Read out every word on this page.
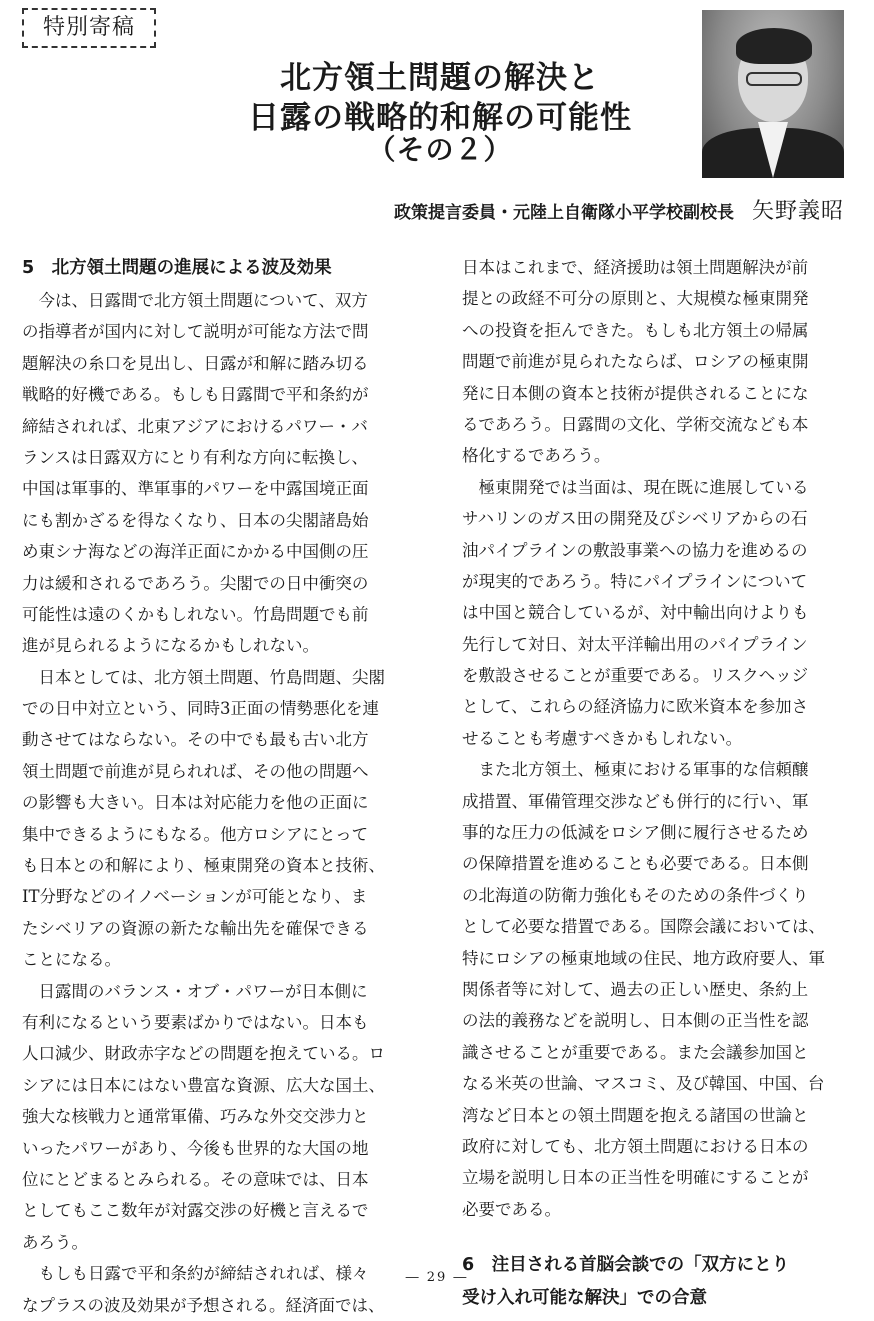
特別寄稿
北方領土問題の解決と
日露の戦略的和解の可能性
（その２）
政策提言委員・元陸上自衛隊小平学校副校長 矢野義昭
5　北方領土問題の進展による波及効果
　今は、日露間で北方領土問題について、双方
の指導者が国内に対して説明が可能な方法で問
題解決の糸口を見出し、日露が和解に踏み切る
戦略的好機である。もしも日露間で平和条約が
締結されれば、北東アジアにおけるパワー・バ
ランスは日露双方にとり有利な方向に転換し、
中国は軍事的、準軍事的パワーを中露国境正面
にも割かざるを得なくなり、日本の尖閣諸島始
め東シナ海などの海洋正面にかかる中国側の圧
力は緩和されるであろう。尖閣での日中衝突の
可能性は遠のくかもしれない。竹島問題でも前
進が見られるようになるかもしれない。
　日本としては、北方領土問題、竹島問題、尖閣
での日中対立という、同時3正面の情勢悪化を連
動させてはならない。その中でも最も古い北方
領土問題で前進が見られれば、その他の問題へ
の影響も大きい。日本は対応能力を他の正面に
集中できるようにもなる。他方ロシアにとって
も日本との和解により、極東開発の資本と技術、
IT分野などのイノベーションが可能となり、ま
たシベリアの資源の新たな輸出先を確保できる
ことになる。
　日露間のバランス・オブ・パワーが日本側に
有利になるという要素ばかりではない。日本も
人口減少、財政赤字などの問題を抱えている。ロ
シアには日本にはない豊富な資源、広大な国土、
強大な核戦力と通常軍備、巧みな外交交渉力と
いったパワーがあり、今後も世界的な大国の地
位にとどまるとみられる。その意味では、日本
としてもここ数年が対露交渉の好機と言えるで
あろう。
　もしも日露で平和条約が締結されれば、様々
なプラスの波及効果が予想される。経済面では、
日本はこれまで、経済援助は領土問題解決が前
提との政経不可分の原則と、大規模な極東開発
への投資を拒んできた。もしも北方領土の帰属
問題で前進が見られたならば、ロシアの極東開
発に日本側の資本と技術が提供されることにな
るであろう。日露間の文化、学術交流なども本
格化するであろう。
　極東開発では当面は、現在既に進展している
サハリンのガス田の開発及びシベリアからの石
油パイプラインの敷設事業への協力を進めるの
が現実的であろう。特にパイプラインについて
は中国と競合しているが、対中輸出向けよりも
先行して対日、対太平洋輸出用のパイプライン
を敷設させることが重要である。リスクヘッジ
として、これらの経済協力に欧米資本を参加さ
せることも考慮すべきかもしれない。
　また北方領土、極東における軍事的な信頼醸
成措置、軍備管理交渉なども併行的に行い、軍
事的な圧力の低減をロシア側に履行させるため
の保障措置を進めることも必要である。日本側
の北海道の防衛力強化もそのための条件づくり
として必要な措置である。国際会議においては、
特にロシアの極東地域の住民、地方政府要人、軍
関係者等に対して、過去の正しい歴史、条約上
の法的義務などを説明し、日本側の正当性を認
識させることが重要である。また会議参加国と
なる米英の世論、マスコミ、及び韓国、中国、台
湾など日本との領土問題を抱える諸国の世論と
政府に対しても、北方領土問題における日本の
立場を説明し日本の正当性を明確にすることが
必要である。
6　注目される首脳会談での「双方にとり
受け入れ可能な解決」での合意
― 29 ―
